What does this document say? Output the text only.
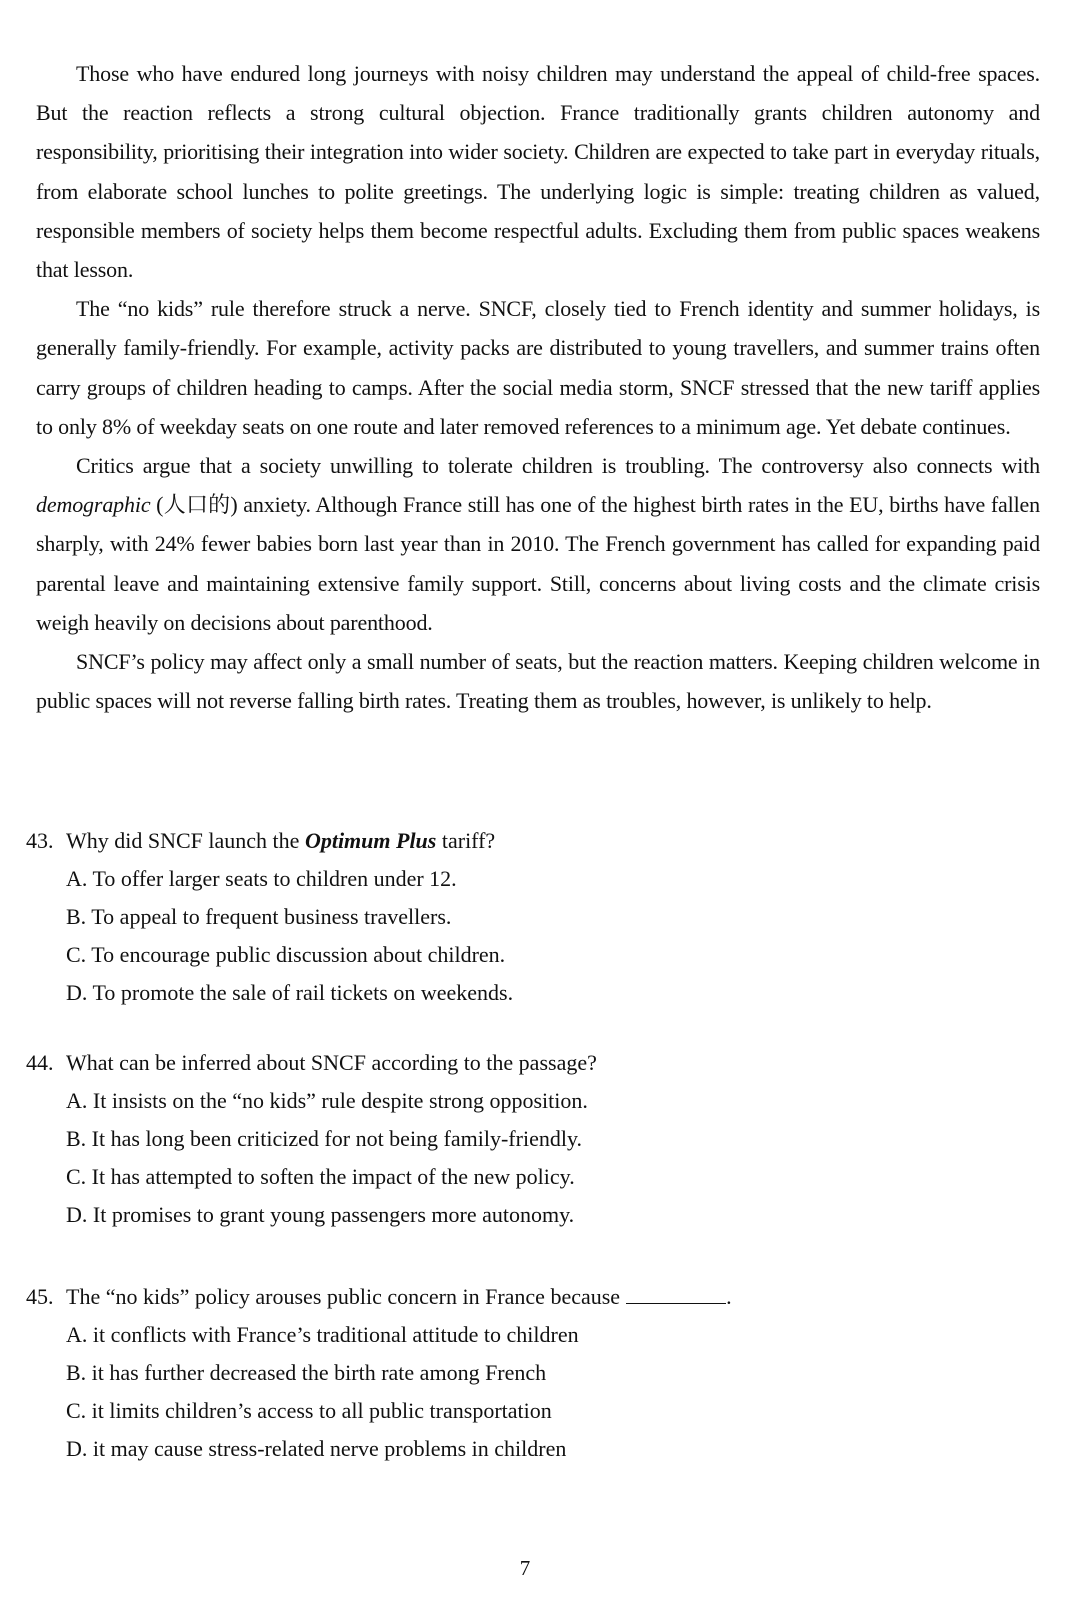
Those who have endured long journeys with noisy children may understand the appeal of child-free spaces. But the reaction reflects a strong cultural objection. France traditionally grants children autonomy and responsibility, prioritising their integration into wider society. Children are expected to take part in everyday rituals, from elaborate school lunches to polite greetings. The underlying logic is simple: treating children as valued, responsible members of society helps them become respectful adults. Excluding them from public spaces weakens that lesson.

The “no kids” rule therefore struck a nerve. SNCF, closely tied to French identity and summer holidays, is generally family-friendly. For example, activity packs are distributed to young travellers, and summer trains often carry groups of children heading to camps. After the social media storm, SNCF stressed that the new tariff applies to only 8% of weekday seats on one route and later removed references to a minimum age. Yet debate continues.

Critics argue that a society unwilling to tolerate children is troubling. The controversy also connects with demographic (人口的) anxiety. Although France still has one of the highest birth rates in the EU, births have fallen sharply, with 24% fewer babies born last year than in 2010. The French government has called for expanding paid parental leave and maintaining extensive family support. Still, concerns about living costs and the climate crisis weigh heavily on decisions about parenthood.

SNCF’s policy may affect only a small number of seats, but the reaction matters. Keeping children welcome in public spaces will not reverse falling birth rates. Treating them as troubles, however, is unlikely to help.

43. Why did SNCF launch the Optimum Plus tariff?

A. To offer larger seats to children under 12.

B. To appeal to frequent business travellers.

C. To encourage public discussion about children.

D. To promote the sale of rail tickets on weekends.

44. What can be inferred about SNCF according to the passage?

A. It insists on the “no kids” rule despite strong opposition.

B. It has long been criticized for not being family-friendly.

C. It has attempted to soften the impact of the new policy.

D. It promises to grant young passengers more autonomy.

45. The “no kids” policy arouses public concern in France because	.

A. it conflicts with France’s traditional attitude to children

B. it has further decreased the birth rate among French

C. it limits children’s access to all public transportation

D. it may cause stress-related nerve problems in children

7
